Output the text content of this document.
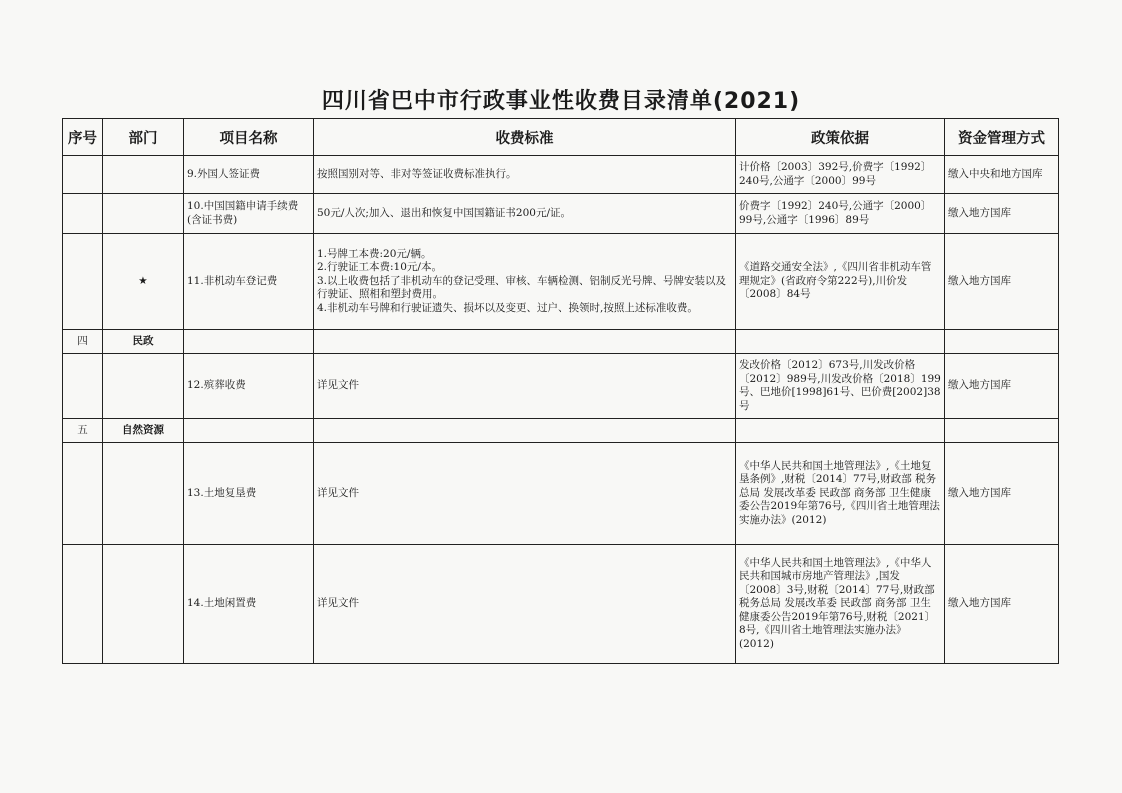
四川省巴中市行政事业性收费目录清单(2021)
序号	部门	项目名称	收费标准	政策依据	资金管理方式
		9.外国人签证费	按照国别对等、非对等签证收费标准执行。	计价格〔2003〕392号,价费字〔1992〕240号,公通字〔2000〕99号	缴入中央和地方国库
		10.中国国籍申请手续费(含证书费)	50元/人次;加入、退出和恢复中国国籍证书200元/证。	价费字〔1992〕240号,公通字〔2000〕99号,公通字〔1996〕89号	缴入地方国库
	★	11.非机动车登记费	1.号牌工本费:20元/辆。
2.行驶证工本费:10元/本。
3.以上收费包括了非机动车的登记受理、审核、车辆检测、铝制反光号牌、号牌安装以及行驶证、照相和塑封费用。
4.非机动车号牌和行驶证遗失、损坏以及变更、过户、换领时,按照上述标准收费。	《道路交通安全法》,《四川省非机动车管理规定》(省政府令第222号),川价发〔2008〕84号	缴入地方国库
四	民政				
		12.殡葬收费	详见文件	发改价格〔2012〕673号,川发改价格〔2012〕989号,川发改价格〔2018〕199号、巴地价[1998]61号、巴价费[2002]38号	缴入地方国库
五	自然资源				
		13.土地复垦费	详见文件	《中华人民共和国土地管理法》,《土地复垦条例》,财税〔2014〕77号,财政部 税务总局 发展改革委 民政部 商务部 卫生健康委公告2019年第76号,《四川省土地管理法实施办法》(2012)	缴入地方国库
		14.土地闲置费	详见文件	《中华人民共和国土地管理法》,《中华人民共和国城市房地产管理法》,国发〔2008〕3号,财税〔2014〕77号,财政部 税务总局 发展改革委 民政部 商务部 卫生健康委公告2019年第76号,财税〔2021〕8号,《四川省土地管理法实施办法》(2012)	缴入地方国库
